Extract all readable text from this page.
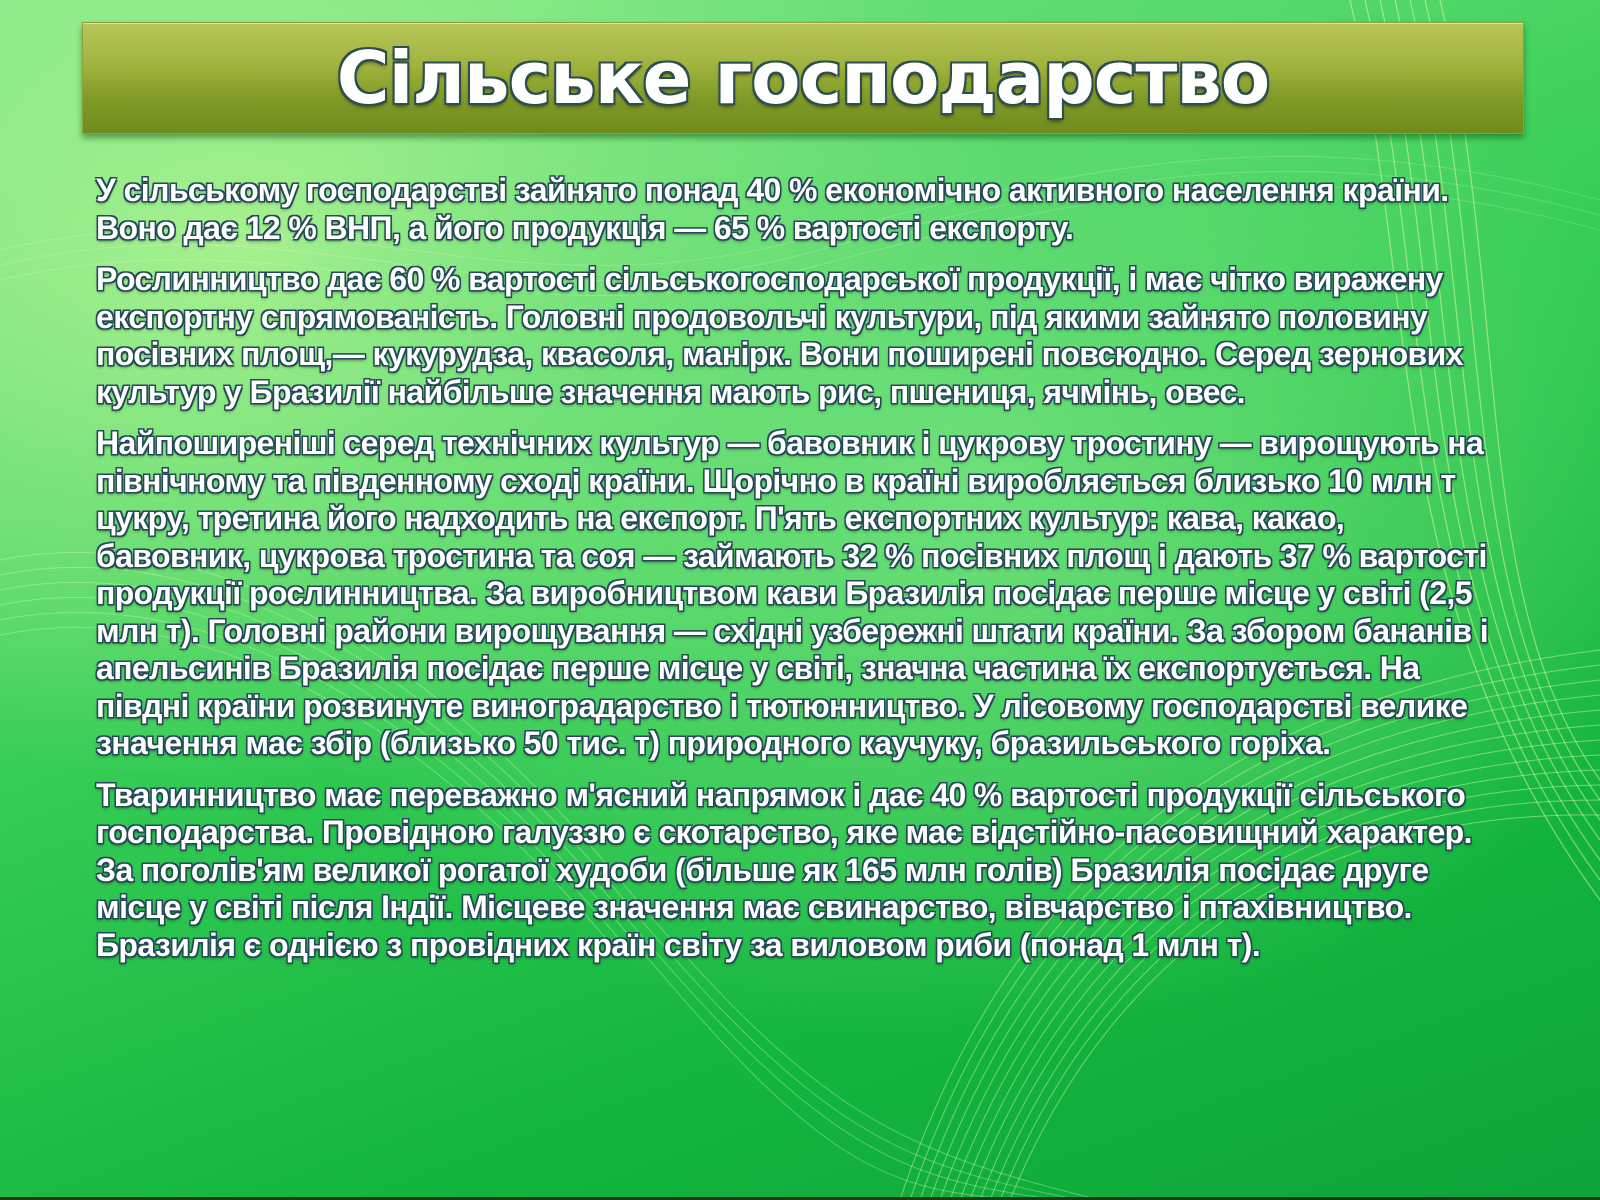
Сільське господарство

У сільському господарстві зайнято понад 40 % економічно активного населення країни. Воно дає 12 % ВНП, а його продукція — 65 % вартості експорту.

Рослинництво дає 60 % вартості сільськогосподарської продукції, і має чітко виражену експортну спрямованість. Головні продовольчі культури, під якими зайнято половину посівних площ,— кукурудза, квасоля, манірк. Вони поширені повсюдно. Серед зернових культур у Бразилії найбільше значення мають рис, пшениця, ячмінь, овес.

Найпоширеніші серед технічних культур — бавовник і цукрову тростину — вирощують на північному та південному сході країни. Щорічно в країні виробляється близько 10 млн т цукру, третина його надходить на експорт. П'ять експортних культур: кава, какао, бавовник, цукрова тростина та соя — займають 32 % посівних площ і дають 37 % вартості продукції рослинництва. За виробництвом кави Бразилія посідає перше місце у світі (2,5 млн т). Головні райони вирощування — східні узбережні штати країни. За збором бананів і апельсинів Бразилія посідає перше місце у світі, значна частина їх експортується. На півдні країни розвинуте виноградарство і тютюнництво. У лісовому господарстві велике значення має збір (близько 50 тис. т) природного каучуку, бразильського горіха.

Тваринництво має переважно м'ясний напрямок і дає 40 % вартості продукції сільського господарства. Провідною галуззю є скотарство, яке має відстійно-пасовищний характер. За поголів'ям великої рогатої худоби (більше як 165 млн голів) Бразилія посідає друге місце у світі після Індії. Місцеве значення має свинарство, вівчарство і птахівництво. Бразилія є однією з провідних країн світу за виловом риби (понад 1 млн т).
